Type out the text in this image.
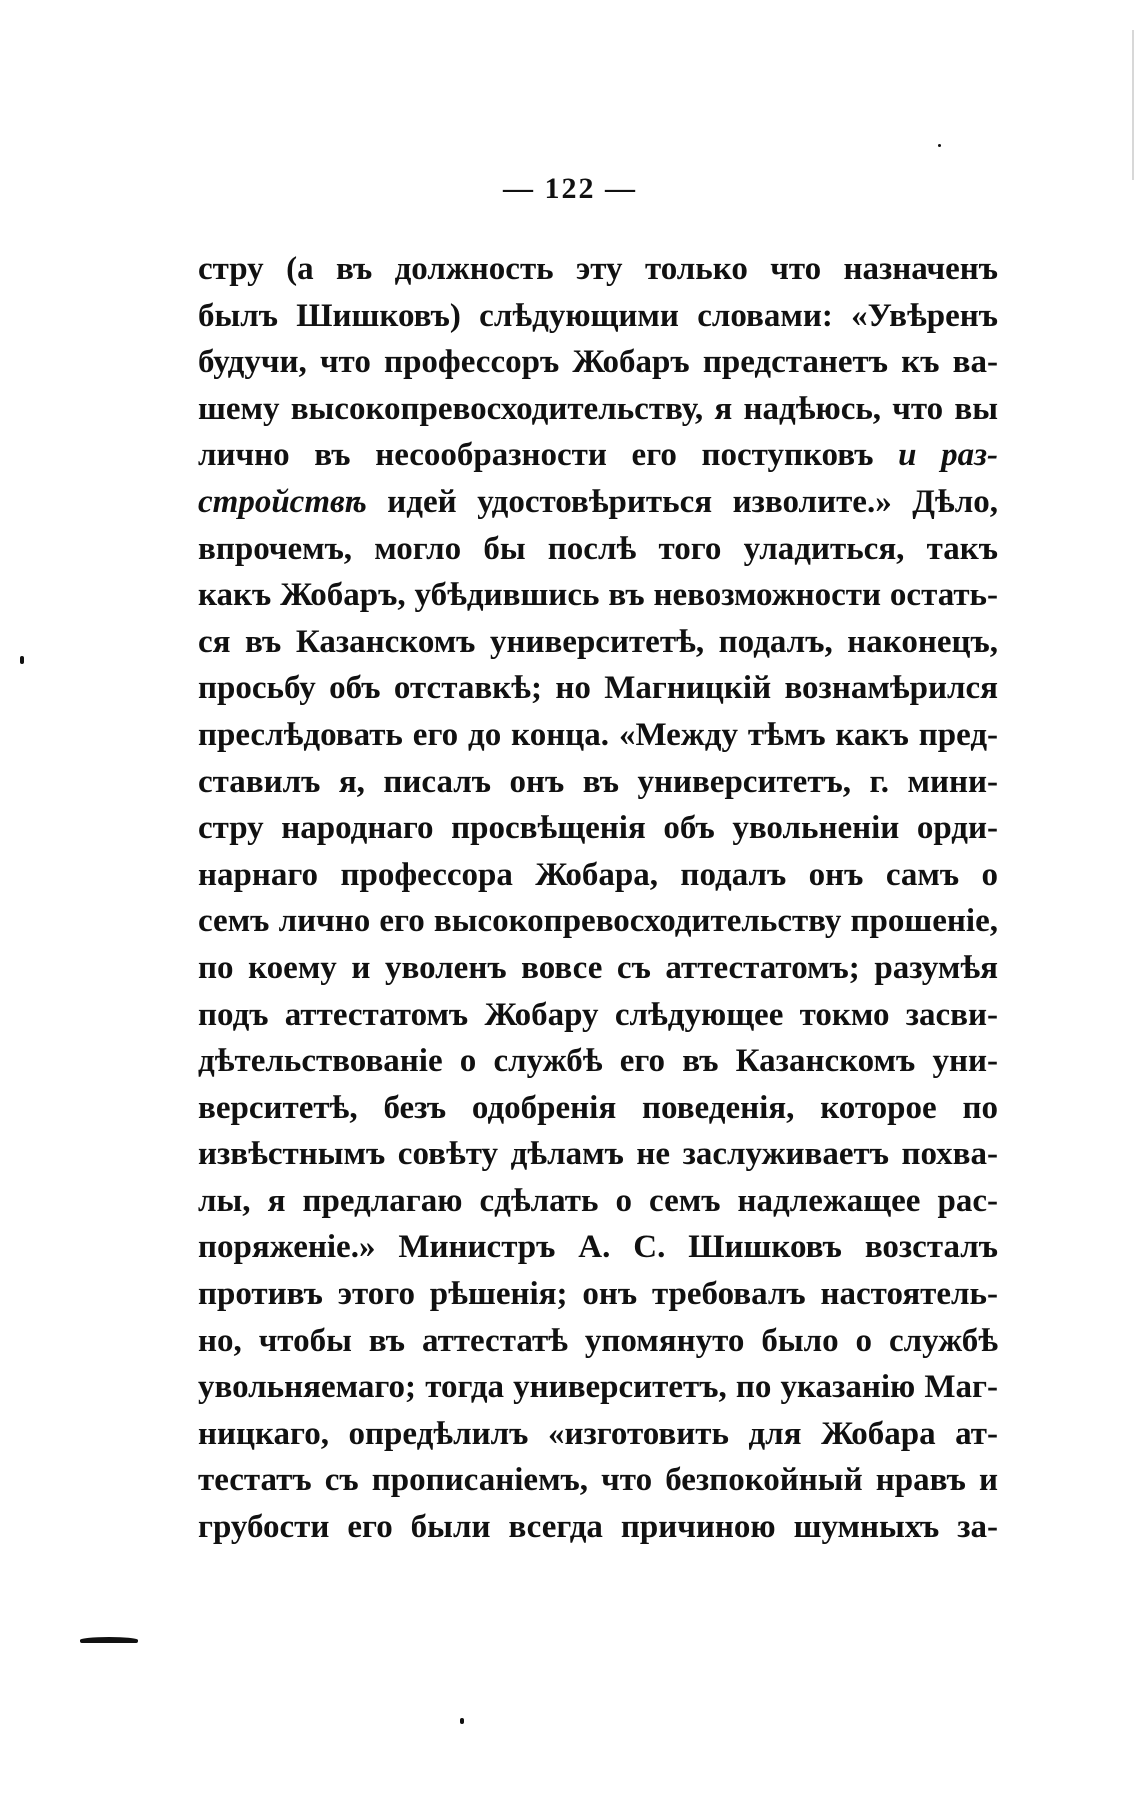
— 122 —
стру (а въ должность эту только что назначенъ
былъ Шишковъ) слѣдующими словами: «Увѣренъ
будучи, что профессоръ Жобаръ предстанетъ къ ва-
шему высокопревосходительству, я надѣюсь, что вы
лично въ несообразности его поступковъ и раз-
стройствѣ идей удостовѣриться изволите.» Дѣло,
впрочемъ, могло бы послѣ того уладиться, такъ
какъ Жобаръ, убѣдившись въ невозможности остать-
ся въ Казанскомъ университетѣ, подалъ, наконецъ,
просьбу объ отставкѣ; но Магницкій вознамѣрился
преслѣдовать его до конца. «Между тѣмъ какъ пред-
ставилъ я, писалъ онъ въ университетъ, г. мини-
стру народнаго просвѣщенія объ увольненіи орди-
нарнаго профессора Жобара, подалъ онъ самъ о
семъ лично его высокопревосходительству прошеніе,
по коему и уволенъ вовсе съ аттестатомъ; разумѣя
подъ аттестатомъ Жобару слѣдующее токмо засви-
дѣтельствованіе о службѣ его въ Казанскомъ уни-
верситетѣ, безъ одобренія поведенія, которое по
извѣстнымъ совѣту дѣламъ не заслуживаетъ похва-
лы, я предлагаю сдѣлать о семъ надлежащее рас-
поряженіе.» Министръ А. С. Шишковъ возсталъ
противъ этого рѣшенія; онъ требовалъ настоятель-
но, чтобы въ аттестатѣ упомянуто было о службѣ
увольняемаго; тогда университетъ, по указанію Маг-
ницкаго, опредѣлилъ «изготовить для Жобара ат-
тестатъ съ прописаніемъ, что безпокойный нравъ и
грубости его были всегда причиною шумныхъ за-
